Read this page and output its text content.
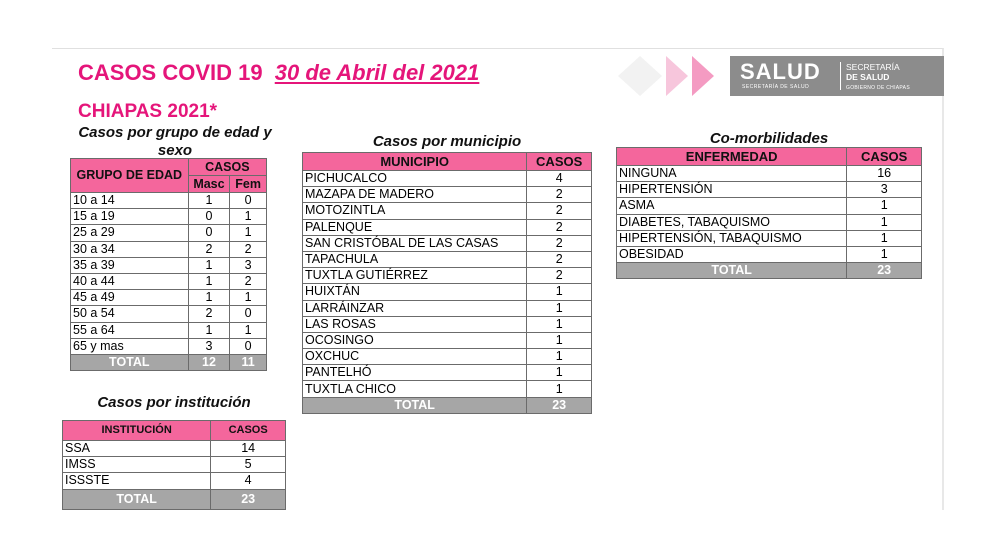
CASOS COVID 19 30 de Abril del 2021
CHIAPAS 2021*
SALUD
SECRETARÍA DE SALUD
SECRETARÍA
DE SALUD
GOBIERNO DE CHIAPAS
Casos por grupo de edad y sexo
GRUPO DE EDAD	CASOS	
	Masc	Fem
10 a 14	1	0
15 a 19	0	1
25 a 29	0	1
30 a 34	2	2
35 a 39	1	3
40 a 44	1	2
45 a 49	1	1
50 a 54	2	0
55 a 64	1	1
65 y mas	3	0
TOTAL	12	11
Casos por institución
INSTITUCIÓN	CASOS
SSA	14
IMSS	5
ISSSTE	4
TOTAL	23
Casos por municipio
MUNICIPIO	CASOS
PICHUCALCO	4
MAZAPA DE MADERO	2
MOTOZINTLA	2
PALENQUE	2
SAN CRISTÓBAL DE LAS CASAS	2
TAPACHULA	2
TUXTLA GUTIÉRREZ	2
HUIXTÁN	1
LARRÁINZAR	1
LAS ROSAS	1
OCOSINGO	1
OXCHUC	1
PANTELHÓ	1
TUXTLA CHICO	1
TOTAL	23
Co-morbilidades
ENFERMEDAD	CASOS
NINGUNA	16
HIPERTENSIÓN	3
ASMA	1
DIABETES, TABAQUISMO	1
HIPERTENSIÓN, TABAQUISMO	1
OBESIDAD	1
TOTAL	23
